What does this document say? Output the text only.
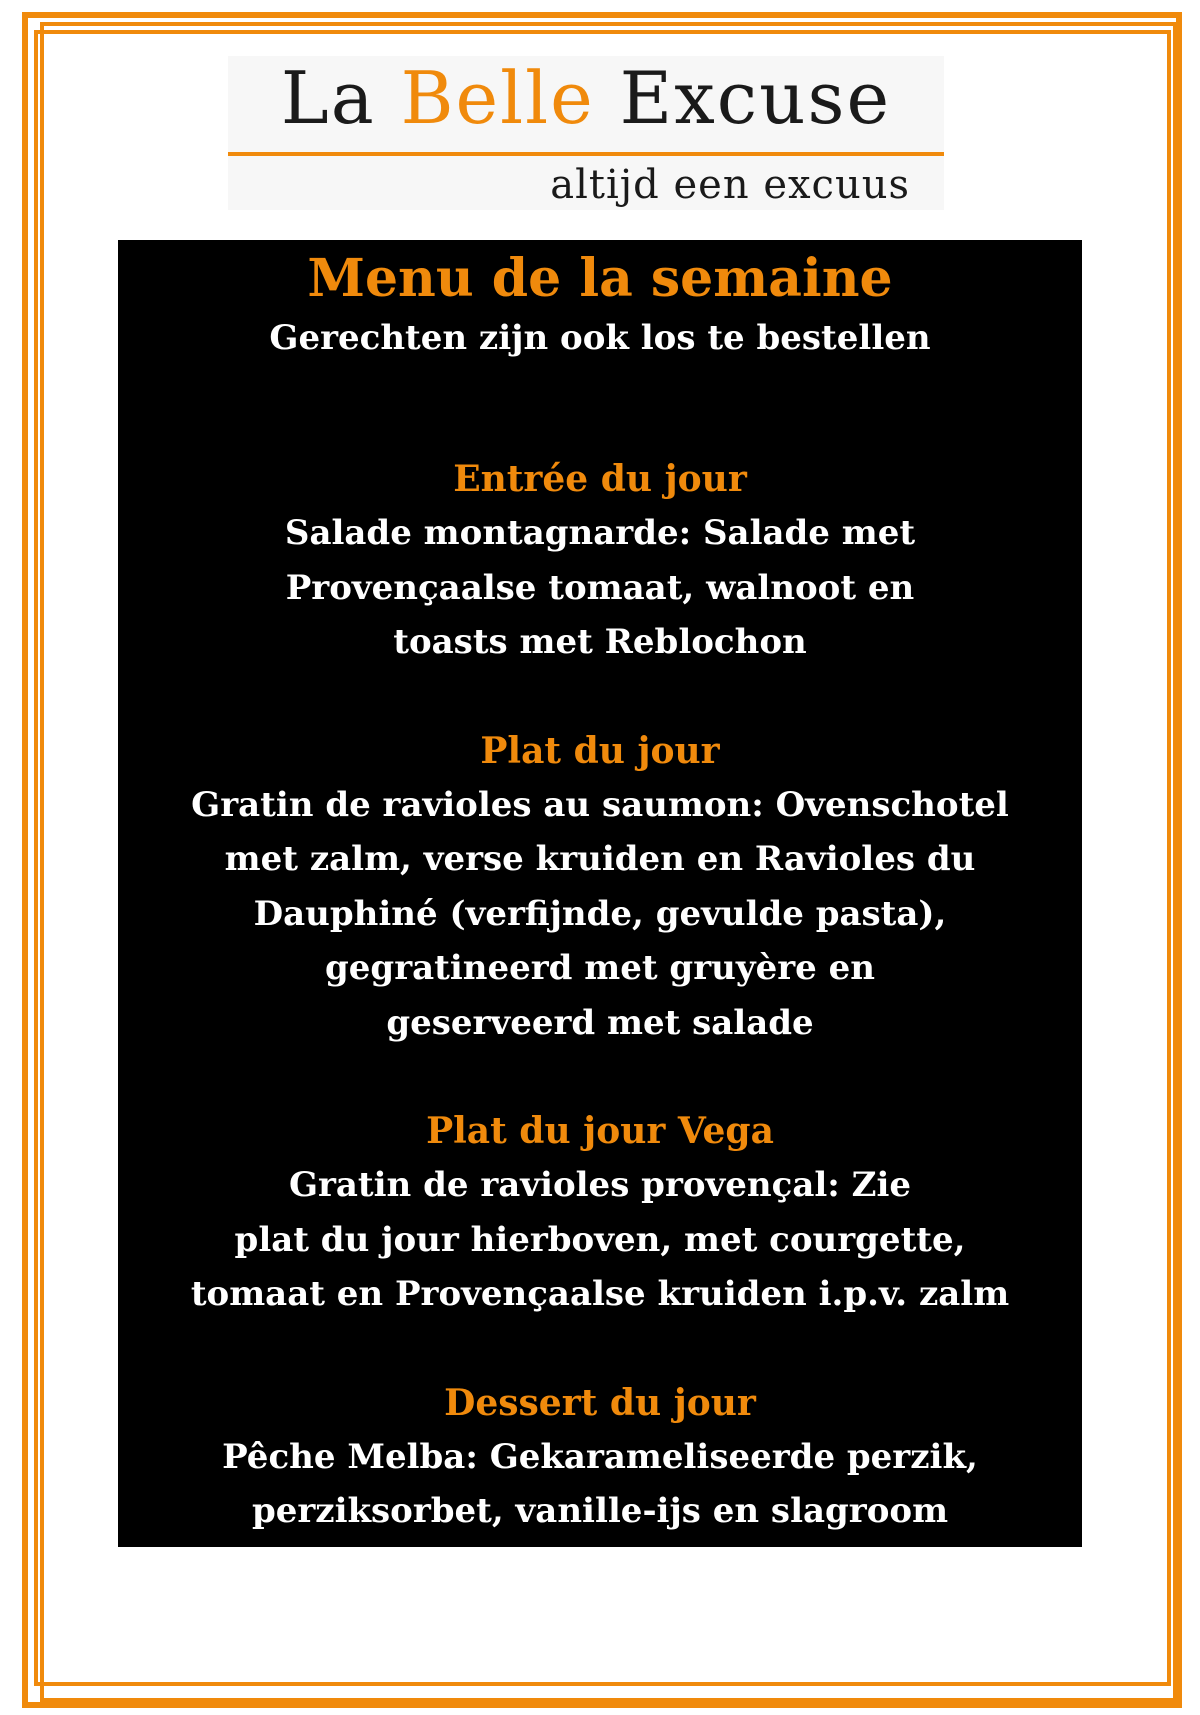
La Belle Excuse
altijd een excuus
Menu de la semaine

Gerechten zijn ook los te bestellen

Entrée du jour

Salade montagnarde: Salade met
Provençaalse tomaat, walnoot en
toasts met Reblochon

Plat du jour

Gratin de ravioles au saumon: Ovenschotel
met zalm, verse kruiden en Ravioles du
Dauphiné (verfijnde, gevulde pasta),
gegratineerd met gruyère en
geserveerd met salade

Plat du jour Vega

Gratin de ravioles provençal: Zie
plat du jour hierboven, met courgette,
tomaat en Provençaalse kruiden i.p.v. zalm

Dessert du jour

Pêche Melba: Gekarameliseerde perzik,
perziksorbet, vanille-ijs en slagroom
